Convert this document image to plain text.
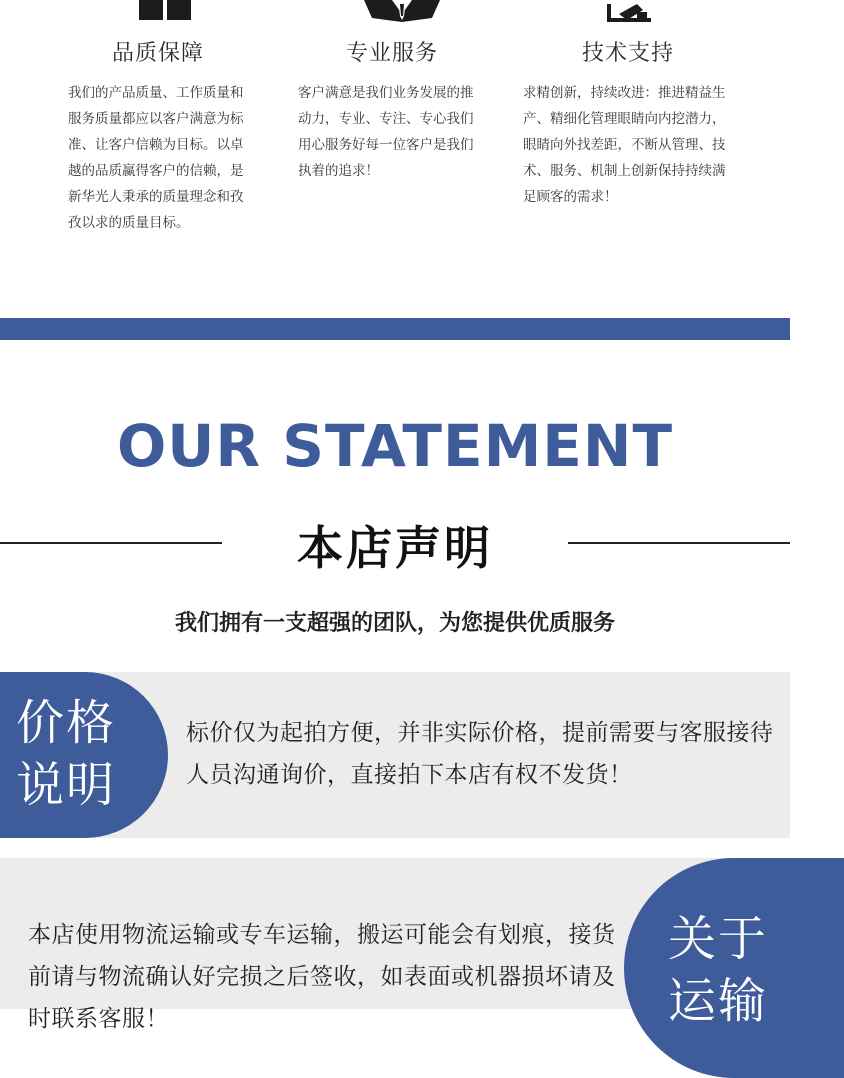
品质保障

我们的产品质量、工作质量和服务质量都应以客户满意为标准、让客户信赖为目标。以卓越的品质赢得客户的信赖，是新华光人秉承的质量理念和孜孜以求的质量目标。

专业服务

客户满意是我们业务发展的推动力，专业、专注、专心我们用心服务好每一位客户是我们执着的追求！

技术支持

求精创新，持续改进：推进精益生产、精细化管理眼睛向内挖潜力，眼睛向外找差距，不断从管理、技术、服务、机制上创新保持持续满足顾客的需求！

OUR STATEMENT
本店声明

我们拥有一支超强的团队，为您提供优质服务

价格说明

标价仅为起拍方便，并非实际价格，提前需要与客服接待人员沟通询价，直接拍下本店有权不发货！

本店使用物流运输或专车运输，搬运可能会有划痕，接货前请与物流确认好完损之后签收，如表面或机器损坏请及时联系客服！

关于运输
